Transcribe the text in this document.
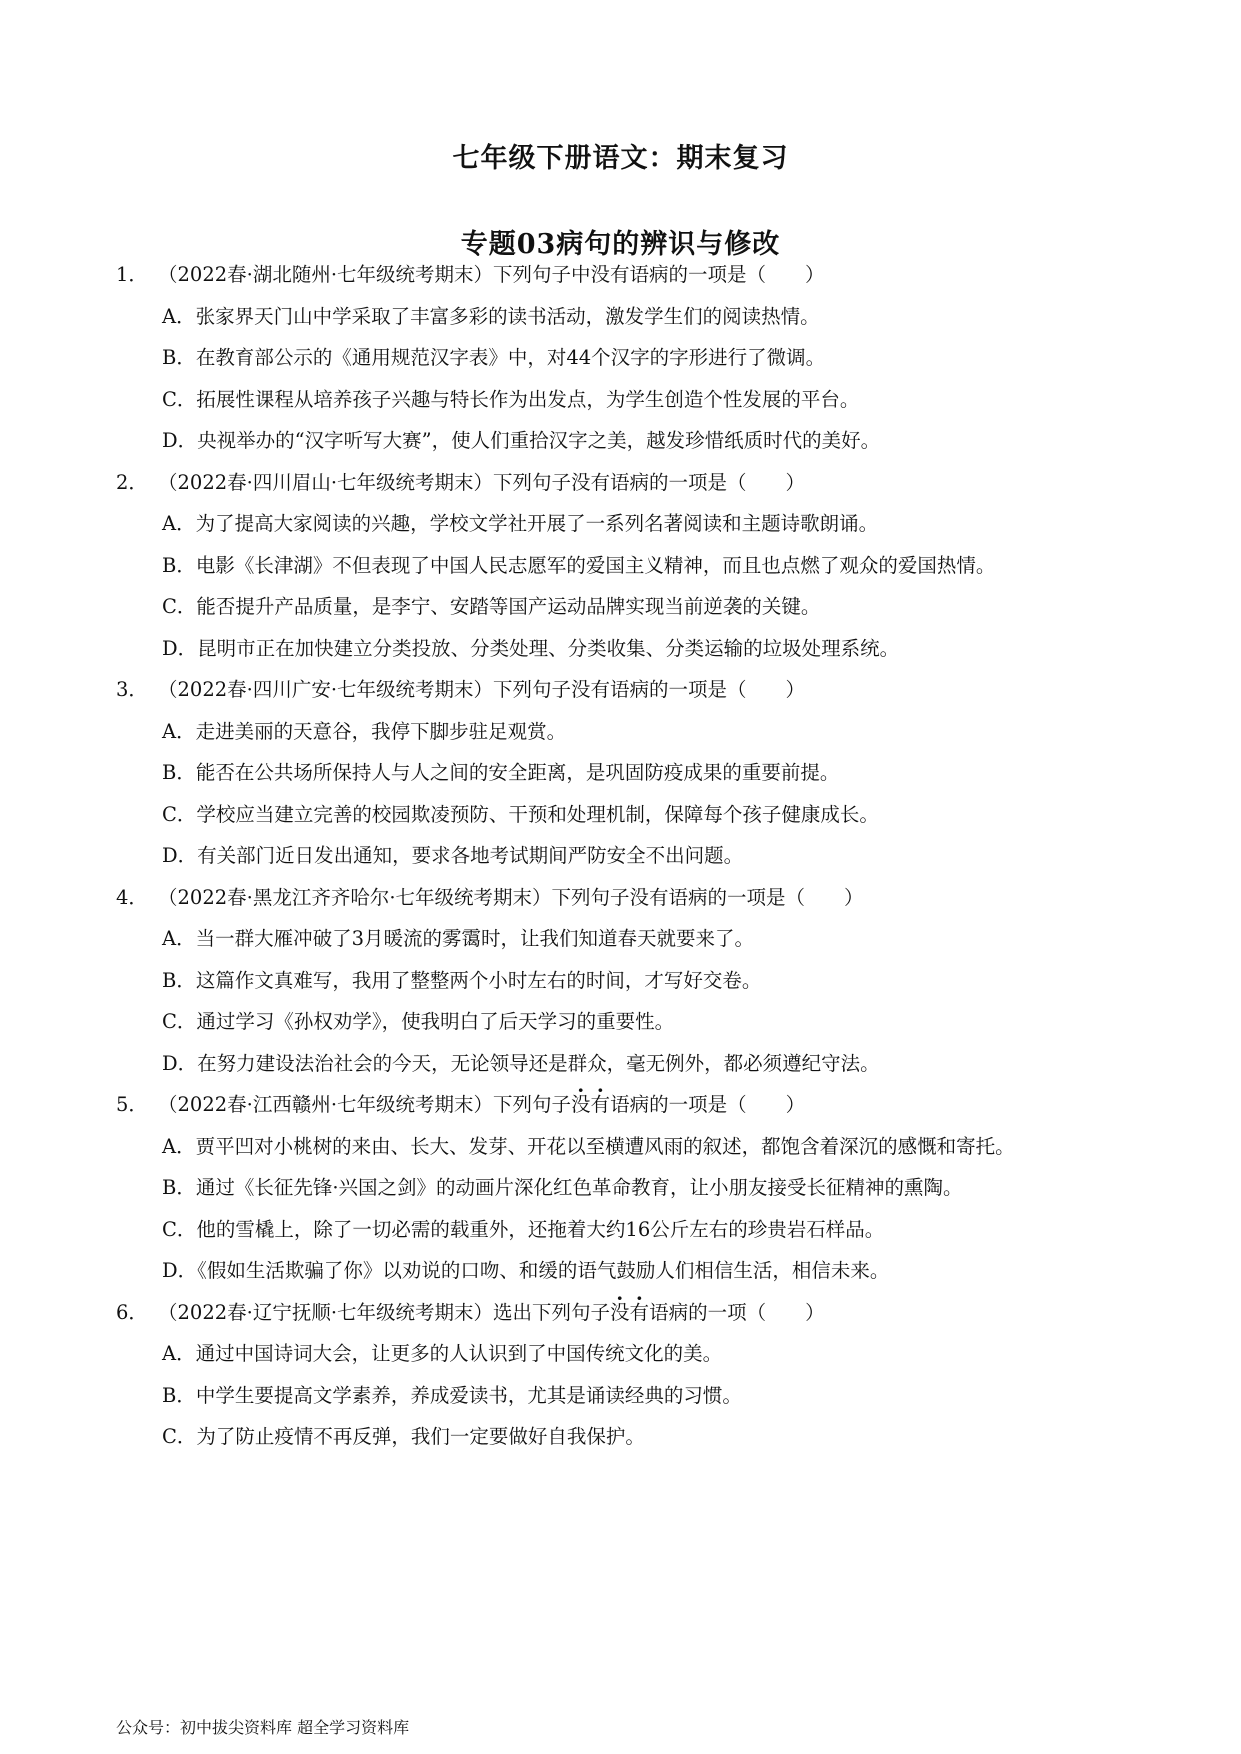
七年级下册语文：期末复习
专题03病句的辨识与修改
1． （2022春·湖北随州·七年级统考期末）下列句子中没有语病的一项是（　　）
A．张家界天门山中学采取了丰富多彩的读书活动，激发学生们的阅读热情。
B．在教育部公示的《通用规范汉字表》中，对44个汉字的字形进行了微调。
C．拓展性课程从培养孩子兴趣与特长作为出发点，为学生创造个性发展的平台。
D．央视举办的“汉字听写大赛”，使人们重拾汉字之美，越发珍惜纸质时代的美好。
2． （2022春·四川眉山·七年级统考期末）下列句子没有语病的一项是（　　）
A．为了提高大家阅读的兴趣，学校文学社开展了一系列名著阅读和主题诗歌朗诵。
B．电影《长津湖》不但表现了中国人民志愿军的爱国主义精神，而且也点燃了观众的爱国热情。
C．能否提升产品质量，是李宁、安踏等国产运动品牌实现当前逆袭的关键。
D．昆明市正在加快建立分类投放、分类处理、分类收集、分类运输的垃圾处理系统。
3． （2022春·四川广安·七年级统考期末）下列句子没有语病的一项是（　　）
A．走进美丽的天意谷，我停下脚步驻足观赏。
B．能否在公共场所保持人与人之间的安全距离，是巩固防疫成果的重要前提。
C．学校应当建立完善的校园欺凌预防、干预和处理机制，保障每个孩子健康成长。
D．有关部门近日发出通知，要求各地考试期间严防安全不出问题。
4． （2022春·黑龙江齐齐哈尔·七年级统考期末）下列句子没有语病的一项是（　　）
A．当一群大雁冲破了3月暖流的雾霭时，让我们知道春天就要来了。
B．这篇作文真难写，我用了整整两个小时左右的时间，才写好交卷。
C．通过学习《孙权劝学》，使我明白了后天学习的重要性。
D．在努力建设法治社会的今天，无论领导还是群众，毫无例外，都必须遵纪守法。
5． （2022春·江西赣州·七年级统考期末）下列句子没有语病的一项是（　　）
A．贾平凹对小桃树的来由、长大、发芽、开花以至横遭风雨的叙述，都饱含着深沉的感慨和寄托。
B．通过《长征先锋·兴国之剑》的动画片深化红色革命教育，让小朋友接受长征精神的熏陶。
C．他的雪橇上，除了一切必需的载重外，还拖着大约16公斤左右的珍贵岩石样品。
D．《假如生活欺骗了你》以劝说的口吻、和缓的语气鼓励人们相信生活，相信未来。
6． （2022春·辽宁抚顺·七年级统考期末）选出下列句子没有语病的一项（　　）
A．通过中国诗词大会，让更多的人认识到了中国传统文化的美。
B．中学生要提高文学素养，养成爱读书，尤其是诵读经典的习惯。
C．为了防止疫情不再反弹，我们一定要做好自我保护。
公众号：初中拔尖资料库 超全学习资料库
